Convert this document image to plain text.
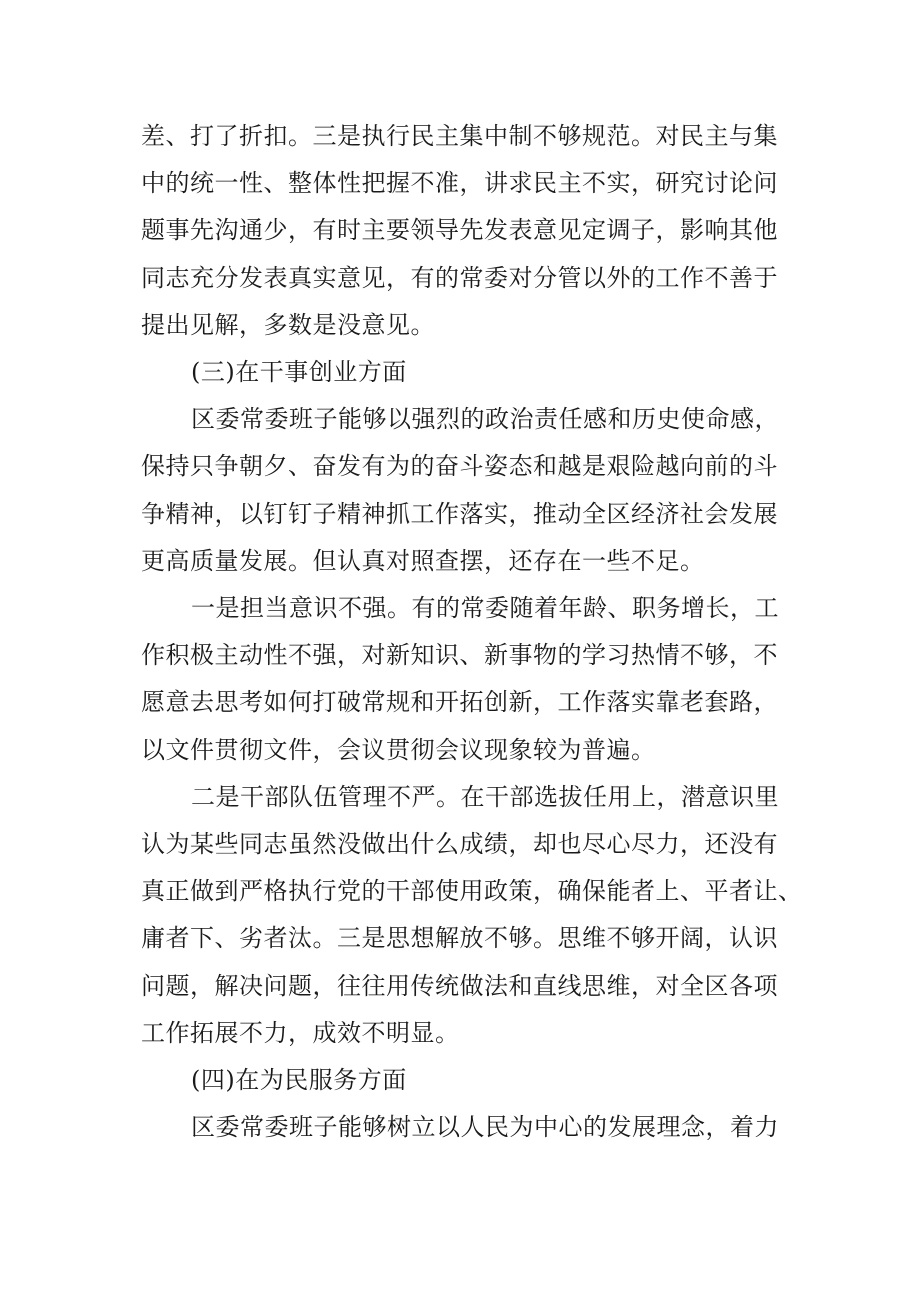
差、打了折扣。三是执行民主集中制不够规范。对民主与集
中的统一性、整体性把握不准，讲求民主不实，研究讨论问
题事先沟通少，有时主要领导先发表意见定调子，影响其他
同志充分发表真实意见，有的常委对分管以外的工作不善于
提出见解，多数是没意见。
(三)在干事创业方面
区委常委班子能够以强烈的政治责任感和历史使命感，
保持只争朝夕、奋发有为的奋斗姿态和越是艰险越向前的斗
争精神，以钉钉子精神抓工作落实，推动全区经济社会发展
更高质量发展。但认真对照查摆，还存在一些不足。
一是担当意识不强。有的常委随着年龄、职务增长，工
作积极主动性不强，对新知识、新事物的学习热情不够，不
愿意去思考如何打破常规和开拓创新，工作落实靠老套路，
以文件贯彻文件，会议贯彻会议现象较为普遍。
二是干部队伍管理不严。在干部选拔任用上，潜意识里
认为某些同志虽然没做出什么成绩，却也尽心尽力，还没有
真正做到严格执行党的干部使用政策，确保能者上、平者让、
庸者下、劣者汰。三是思想解放不够。思维不够开阔，认识
问题，解决问题，往往用传统做法和直线思维，对全区各项
工作拓展不力，成效不明显。
(四)在为民服务方面
区委常委班子能够树立以人民为中心的发展理念，着力
